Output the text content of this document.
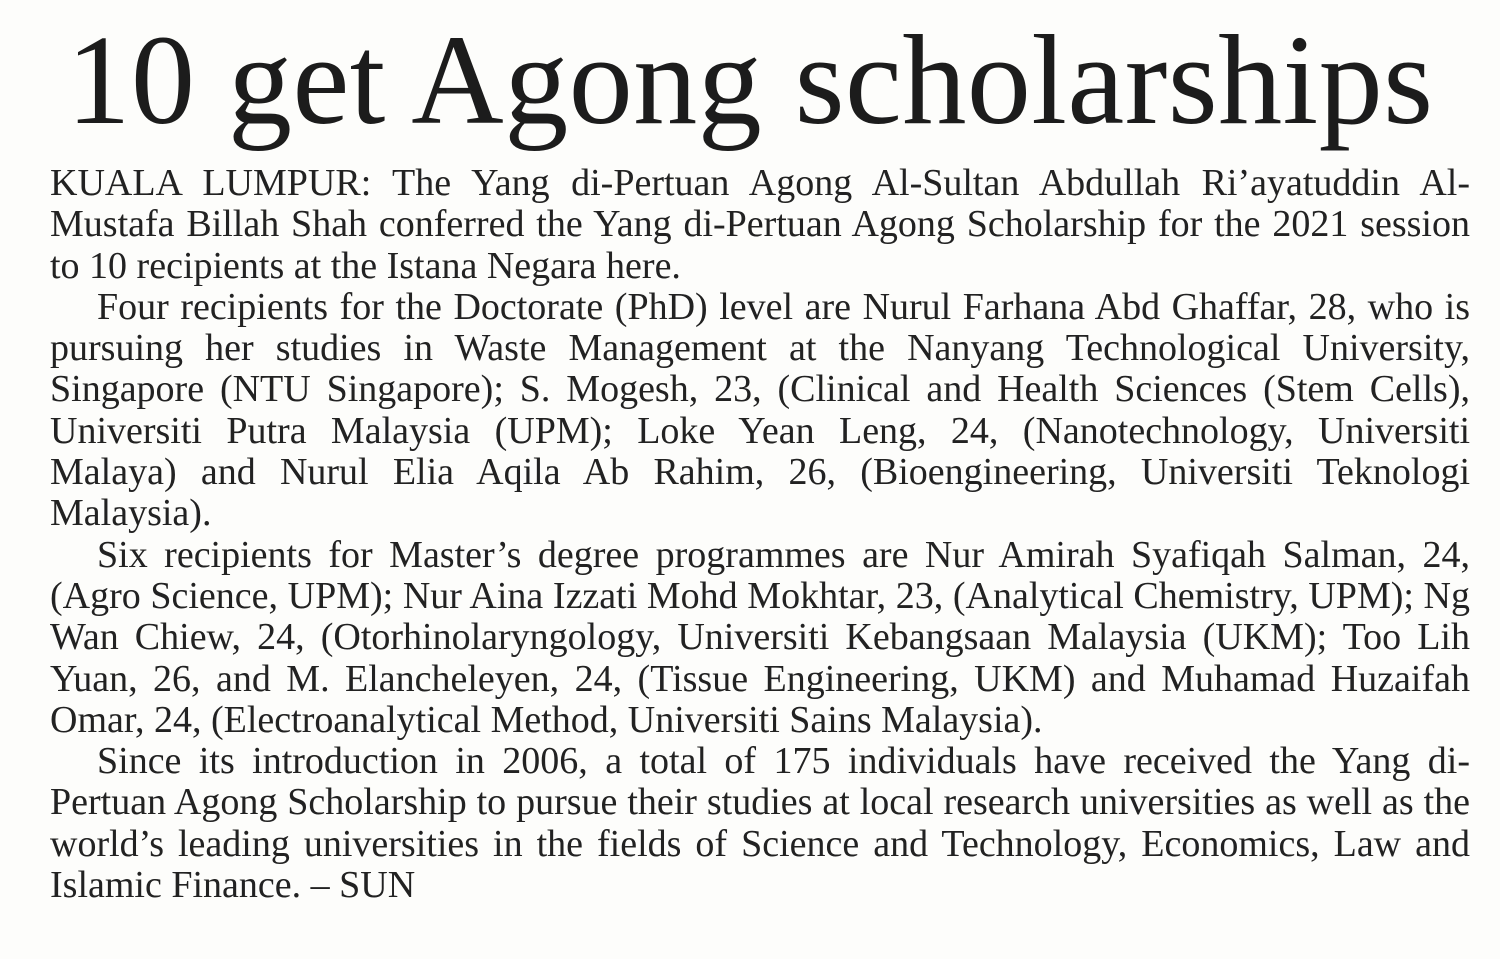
10 get Agong scholarships

KUALA LUMPUR: The Yang di-Pertuan Agong Al-Sultan Abdullah Ri’ayatuddin Al-Mustafa Billah Shah conferred the Yang di-Pertuan Agong Scholarship for the 2021 session to 10 recipients at the Istana Negara here.

Four recipients for the Doctorate (PhD) level are Nurul Farhana Abd Ghaffar, 28, who is pursuing her studies in Waste Management at the Nanyang Technological University, Singapore (NTU Singapore); S. Mogesh, 23, (Clinical and Health Sciences (Stem Cells), Universiti Putra Malaysia (UPM); Loke Yean Leng, 24, (Nanotechnology, Universiti Malaya) and Nurul Elia Aqila Ab Rahim, 26, (Bioengineering, Universiti Teknologi Malaysia).

Six recipients for Master’s degree programmes are Nur Amirah Syafiqah Salman, 24, (Agro Science, UPM); Nur Aina Izzati Mohd Mokhtar, 23, (Analytical Chemistry, UPM); Ng Wan Chiew, 24, (Otorhinolaryngology, Universiti Kebangsaan Malaysia (UKM); Too Lih Yuan, 26, and M. Elancheleyen, 24, (Tissue Engineering, UKM) and Muhamad Huzaifah Omar, 24, (Electroanalytical Method, Universiti Sains Malaysia).

Since its introduction in 2006, a total of 175 individuals have received the Yang di-Pertuan Agong Scholarship to pursue their studies at local research universities as well as the world’s leading universities in the fields of Science and Technology, Economics, Law and Islamic Finance. – SUN
